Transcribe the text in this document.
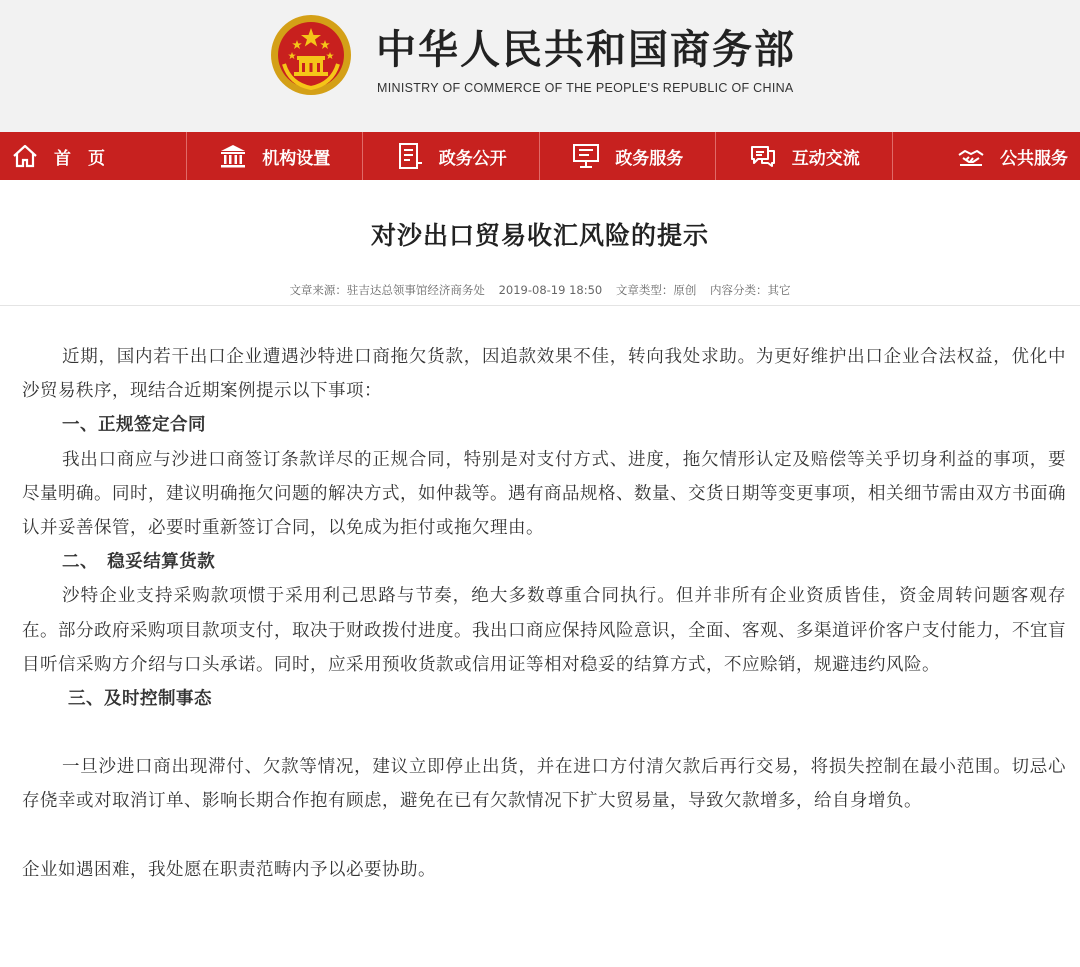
中华人民共和国商务部
MINISTRY OF COMMERCE OF THE PEOPLE'S REPUBLIC OF CHINA
首　页	机构设置	政务公开	政务服务	互动交流	公共服务
对沙出口贸易收汇风险的提示
文章来源：驻吉达总领事馆经济商务处 2019-08-19 18:50 文章类型：原创 内容分类：其它

近期，国内若干出口企业遭遇沙特进口商拖欠货款，因追款效果不佳，转向我处求助。为更好维护出口企业合法权益，优化中沙贸易秩序，现结合近期案例提示以下事项：

一、正规签定合同

我出口商应与沙进口商签订条款详尽的正规合同，特别是对支付方式、进度，拖欠情形认定及赔偿等关乎切身利益的事项，要尽量明确。同时，建议明确拖欠问题的解决方式，如仲裁等。遇有商品规格、数量、交货日期等变更事项，相关细节需由双方书面确认并妥善保管，必要时重新签订合同，以免成为拒付或拖欠理由。

二、　稳妥结算货款

沙特企业支持采购款项惯于采用利己思路与节奏，绝大多数尊重合同执行。但并非所有企业资质皆佳，资金周转问题客观存在。部分政府采购项目款项支付，取决于财政拨付进度。我出口商应保持风险意识，全面、客观、多渠道评价客户支付能力，不宜盲目听信采购方介绍与口头承诺。同时，应采用预收货款或信用证等相对稳妥的结算方式，不应赊销，规避违约风险。

三、及时控制事态

一旦沙进口商出现滞付、欠款等情况，建议立即停止出货，并在进口方付清欠款后再行交易，将损失控制在最小范围。切忌心存侥幸或对取消订单、影响长期合作抱有顾虑，避免在已有欠款情况下扩大贸易量，导致欠款增多，给自身增负。

企业如遇困难，我处愿在职责范畴内予以必要协助。
